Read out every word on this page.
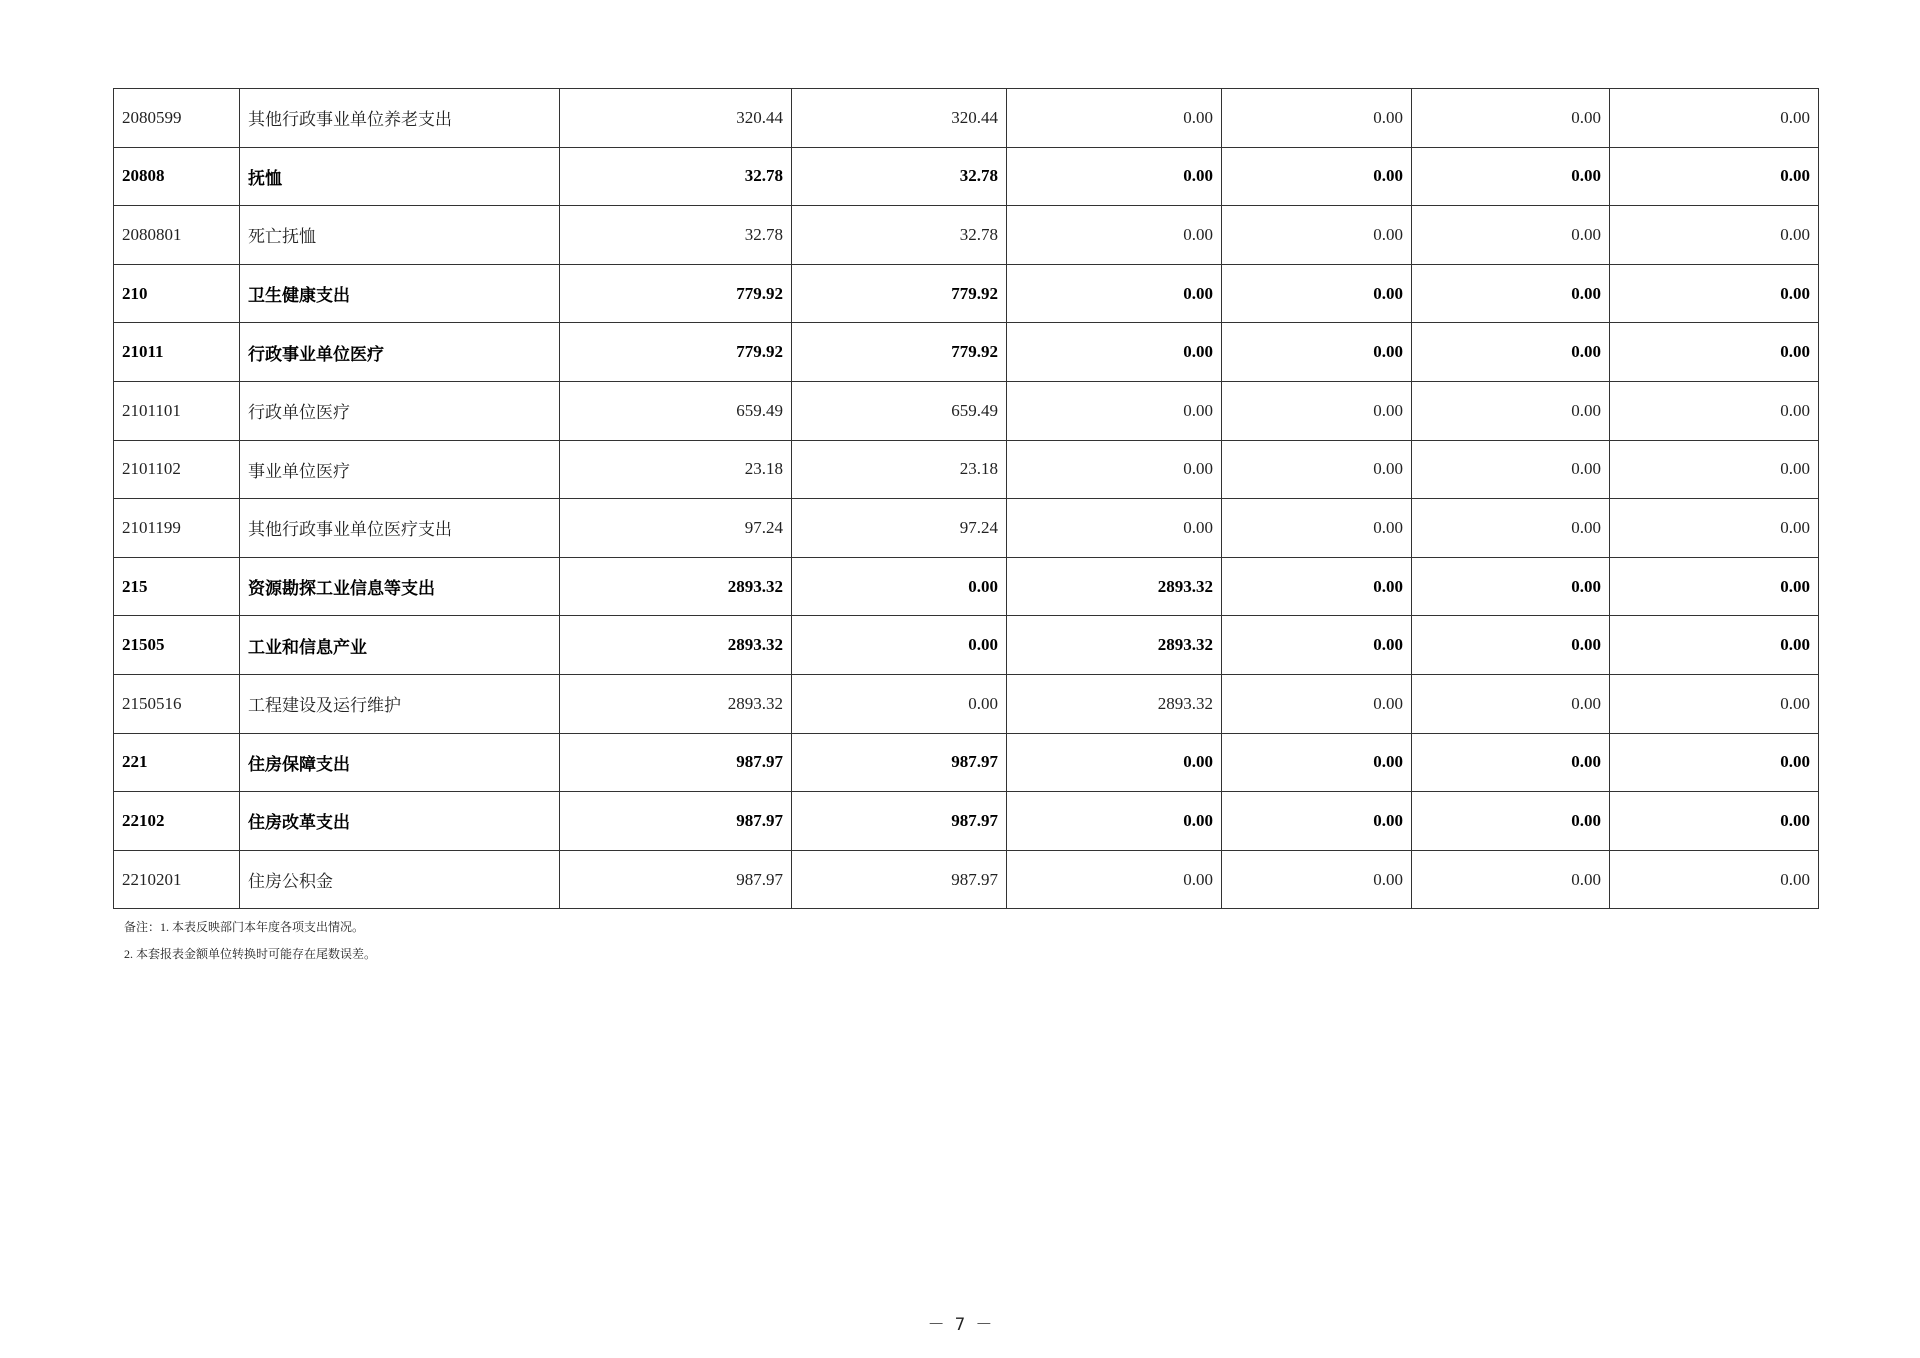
2080599	其他行政事业单位养老支出	320.44	320.44	0.00	0.00	0.00	0.00
20808	抚恤	32.78	32.78	0.00	0.00	0.00	0.00
2080801	死亡抚恤	32.78	32.78	0.00	0.00	0.00	0.00
210	卫生健康支出	779.92	779.92	0.00	0.00	0.00	0.00
21011	行政事业单位医疗	779.92	779.92	0.00	0.00	0.00	0.00
2101101	行政单位医疗	659.49	659.49	0.00	0.00	0.00	0.00
2101102	事业单位医疗	23.18	23.18	0.00	0.00	0.00	0.00
2101199	其他行政事业单位医疗支出	97.24	97.24	0.00	0.00	0.00	0.00
215	资源勘探工业信息等支出	2893.32	0.00	2893.32	0.00	0.00	0.00
21505	工业和信息产业	2893.32	0.00	2893.32	0.00	0.00	0.00
2150516	工程建设及运行维护	2893.32	0.00	2893.32	0.00	0.00	0.00
221	住房保障支出	987.97	987.97	0.00	0.00	0.00	0.00
22102	住房改革支出	987.97	987.97	0.00	0.00	0.00	0.00
2210201	住房公积金	987.97	987.97	0.00	0.00	0.00	0.00
备注：1. 本表反映部门本年度各项支出情况。
2. 本套报表金额单位转换时可能存在尾数误差。
－ 7 －
